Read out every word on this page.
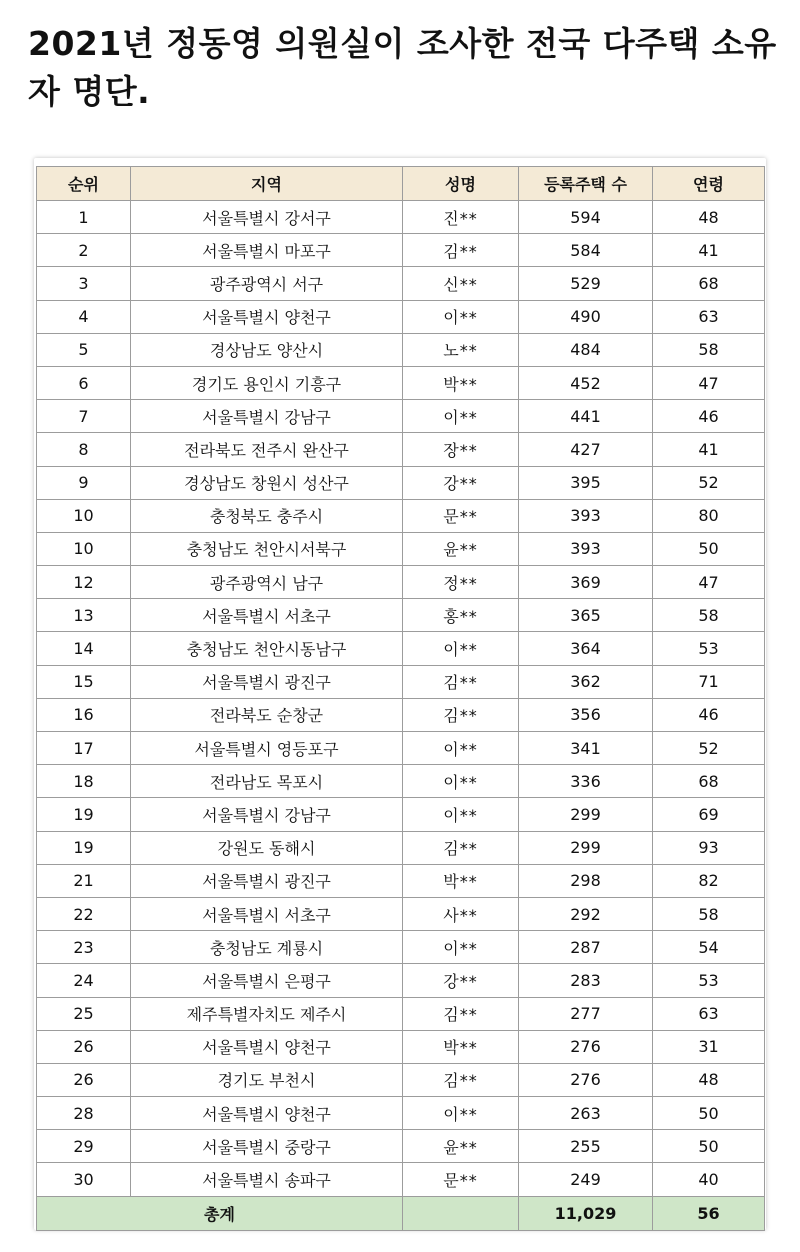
2021년 정동영 의원실이 조사한 전국 다주택 소유자 명단.
순위	지역	성명	등록주택 수	연령
1	서울특별시 강서구	진**	594	48
2	서울특별시 마포구	김**	584	41
3	광주광역시 서구	신**	529	68
4	서울특별시 양천구	이**	490	63
5	경상남도 양산시	노**	484	58
6	경기도 용인시 기흥구	박**	452	47
7	서울특별시 강남구	이**	441	46
8	전라북도 전주시 완산구	장**	427	41
9	경상남도 창원시 성산구	강**	395	52
10	충청북도 충주시	문**	393	80
10	충청남도 천안시서북구	윤**	393	50
12	광주광역시 남구	정**	369	47
13	서울특별시 서초구	홍**	365	58
14	충청남도 천안시동남구	이**	364	53
15	서울특별시 광진구	김**	362	71
16	전라북도 순창군	김**	356	46
17	서울특별시 영등포구	이**	341	52
18	전라남도 목포시	이**	336	68
19	서울특별시 강남구	이**	299	69
19	강원도 동해시	김**	299	93
21	서울특별시 광진구	박**	298	82
22	서울특별시 서초구	사**	292	58
23	충청남도 계룡시	이**	287	54
24	서울특별시 은평구	강**	283	53
25	제주특별자치도 제주시	김**	277	63
26	서울특별시 양천구	박**	276	31
26	경기도 부천시	김**	276	48
28	서울특별시 양천구	이**	263	50
29	서울특별시 중랑구	윤**	255	50
30	서울특별시 송파구	문**	249	40
총계			11,029	56
